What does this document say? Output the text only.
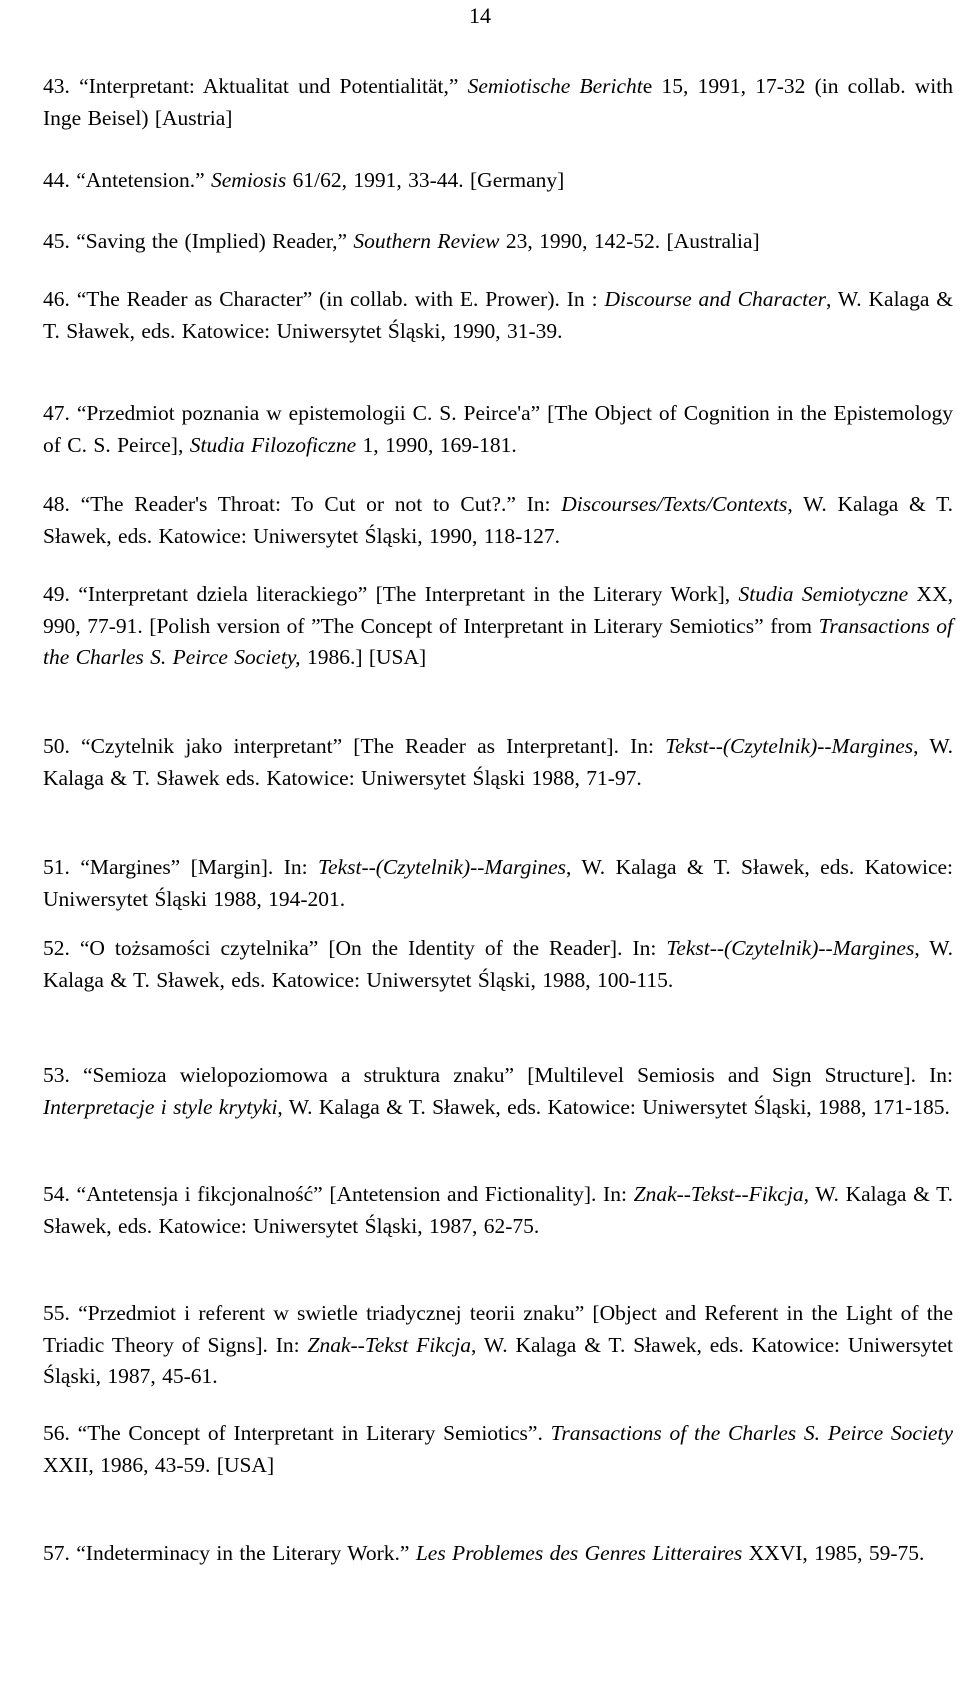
14
43. “Interpretant: Aktualitat und Potentialität,” Semiotische Berichte 15, 1991, 17-32 (in collab. with Inge Beisel) [Austria]
44. “Antetension.” Semiosis 61/62, 1991, 33-44. [Germany]
45. “Saving the (Implied) Reader,” Southern Review 23, 1990, 142-52. [Australia]
46. “The Reader as Character” (in collab. with E. Prower). In : Discourse and Character, W. Kalaga & T. Sławek, eds. Katowice: Uniwersytet Śląski, 1990, 31-39.
47. “Przedmiot poznania w epistemologii C. S. Peirce'a” [The Object of Cognition in the Epistemology of C. S. Peirce], Studia Filozoficzne 1, 1990, 169-181.
48. “The Reader's Throat: To Cut or not to Cut?.” In: Discourses/Texts/Contexts, W. Kalaga & T. Sławek, eds. Katowice: Uniwersytet Śląski, 1990, 118-127.
49. “Interpretant dziela literackiego” [The Interpretant in the Literary Work], Studia Semiotyczne XX, 990, 77-91. [Polish version of ”The Concept of Interpretant in Literary Semiotics” from Transactions of the Charles S. Peirce Society, 1986.] [USA]
50. “Czytelnik jako interpretant” [The Reader as Interpretant]. In: Tekst--(Czytelnik)--Margines, W. Kalaga & T. Sławek eds. Katowice: Uniwersytet Śląski 1988, 71-97.
51. “Margines” [Margin]. In: Tekst--(Czytelnik)--Margines, W. Kalaga & T. Sławek, eds. Katowice: Uniwersytet Śląski 1988, 194-201.
52. “O tożsamości czytelnika” [On the Identity of the Reader]. In: Tekst--(Czytelnik)--Margines, W. Kalaga & T. Sławek, eds. Katowice: Uniwersytet Śląski, 1988, 100-115.
53. “Semioza wielopoziomowa a struktura znaku” [Multilevel Semiosis and Sign Structure]. In: Interpretacje i style krytyki, W. Kalaga & T. Sławek, eds. Katowice: Uniwersytet Śląski, 1988, 171-185.
54. “Antetensja i fikcjonalność” [Antetension and Fictionality]. In: Znak--Tekst--Fikcja, W. Kalaga & T. Sławek, eds. Katowice: Uniwersytet Śląski, 1987, 62-75.
55. “Przedmiot i referent w swietle triadycznej teorii znaku” [Object and Referent in the Light of the Triadic Theory of Signs]. In: Znak--Tekst Fikcja, W. Kalaga & T. Sławek, eds. Katowice: Uniwersytet Śląski, 1987, 45-61.
56. “The Concept of Interpretant in Literary Semiotics”. Transactions of the Charles S. Peirce Society XXII, 1986, 43-59. [USA]
57. “Indeterminacy in the Literary Work.” Les Problemes des Genres Litteraires XXVI, 1985, 59-75.
